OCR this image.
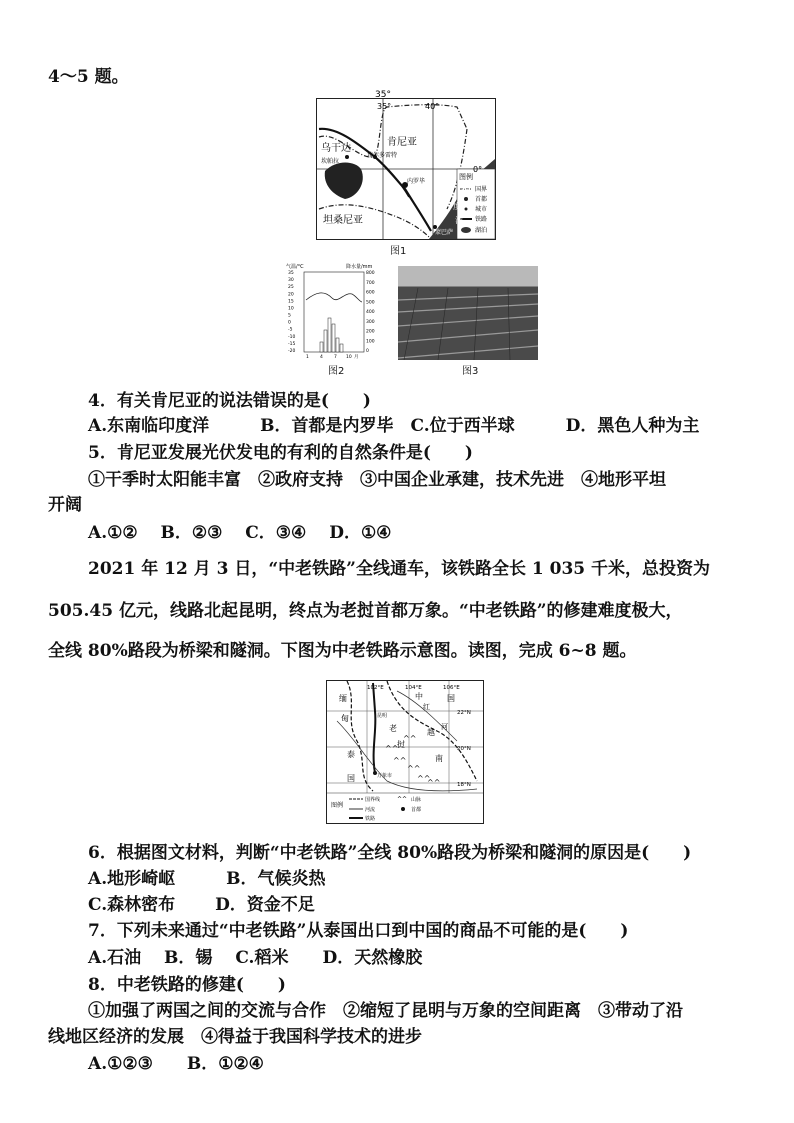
4～5 题。
图例
国界
首都
城市
铁路
湖泊
35°
35°	40°
0°
乌干达
肯尼亚
坦桑尼亚
坎帕拉
埃尔多雷特
内罗毕
蒙巴萨
印
度
洋
图1
气温/°C	降水量/mm
35
30
25
20
15
10
5
0
-5
-10
-15
-20
800
700
600
500
400
300
200
100
0
1 4 7 10 月
图2	图3
4．有关肯尼亚的说法错误的是(　　)
A.东南临印度洋　　　B．首都是内罗毕　C.位于西半球　　　D．黑色人种为主
5．肯尼亚发展光伏发电的有利的自然条件是(　　)
①干季时太阳能丰富　②政府支持　③中国企业承建，技术先进　④地形平坦
开阔
A.①②　 B．②③　 C．③④　 D．①④
2021 年 12 月 3 日，“中老铁路”全线通车，该铁路全长 1 035 千米，总投资为
505.45 亿元，线路北起昆明，终点为老挝首都万象。“中老铁路”的修建难度极大，
全线 80%路段为桥梁和隧洞。下图为中老铁路示意图。读图，完成 6~8 题。
^^
^^
^^
^^
^^
^^
102°E	104°E	106°E
22°N
20°N
18°N
缅
甸
泰
国
中	国
老
挝
越
南
昆明
万象市
红
河
图例
国界线	^^ 山脉
河流	首都
铁路
6．根据图文材料，判断“中老铁路”全线 80%路段为桥梁和隧洞的原因是(　　)
A.地形崎岖　　　B．气候炎热
C.森林密布　　 D．资金不足
7．下列未来通过“中老铁路”从泰国出口到中国的商品不可能的是(　　)
A.石油　 B．锡　 C.稻米　　D．天然橡胶
8．中老铁路的修建(　　)
①加强了两国之间的交流与合作　②缩短了昆明与万象的空间距离　③带动了沿
线地区经济的发展　④得益于我国科学技术的进步
A.①②③　　B．①②④
